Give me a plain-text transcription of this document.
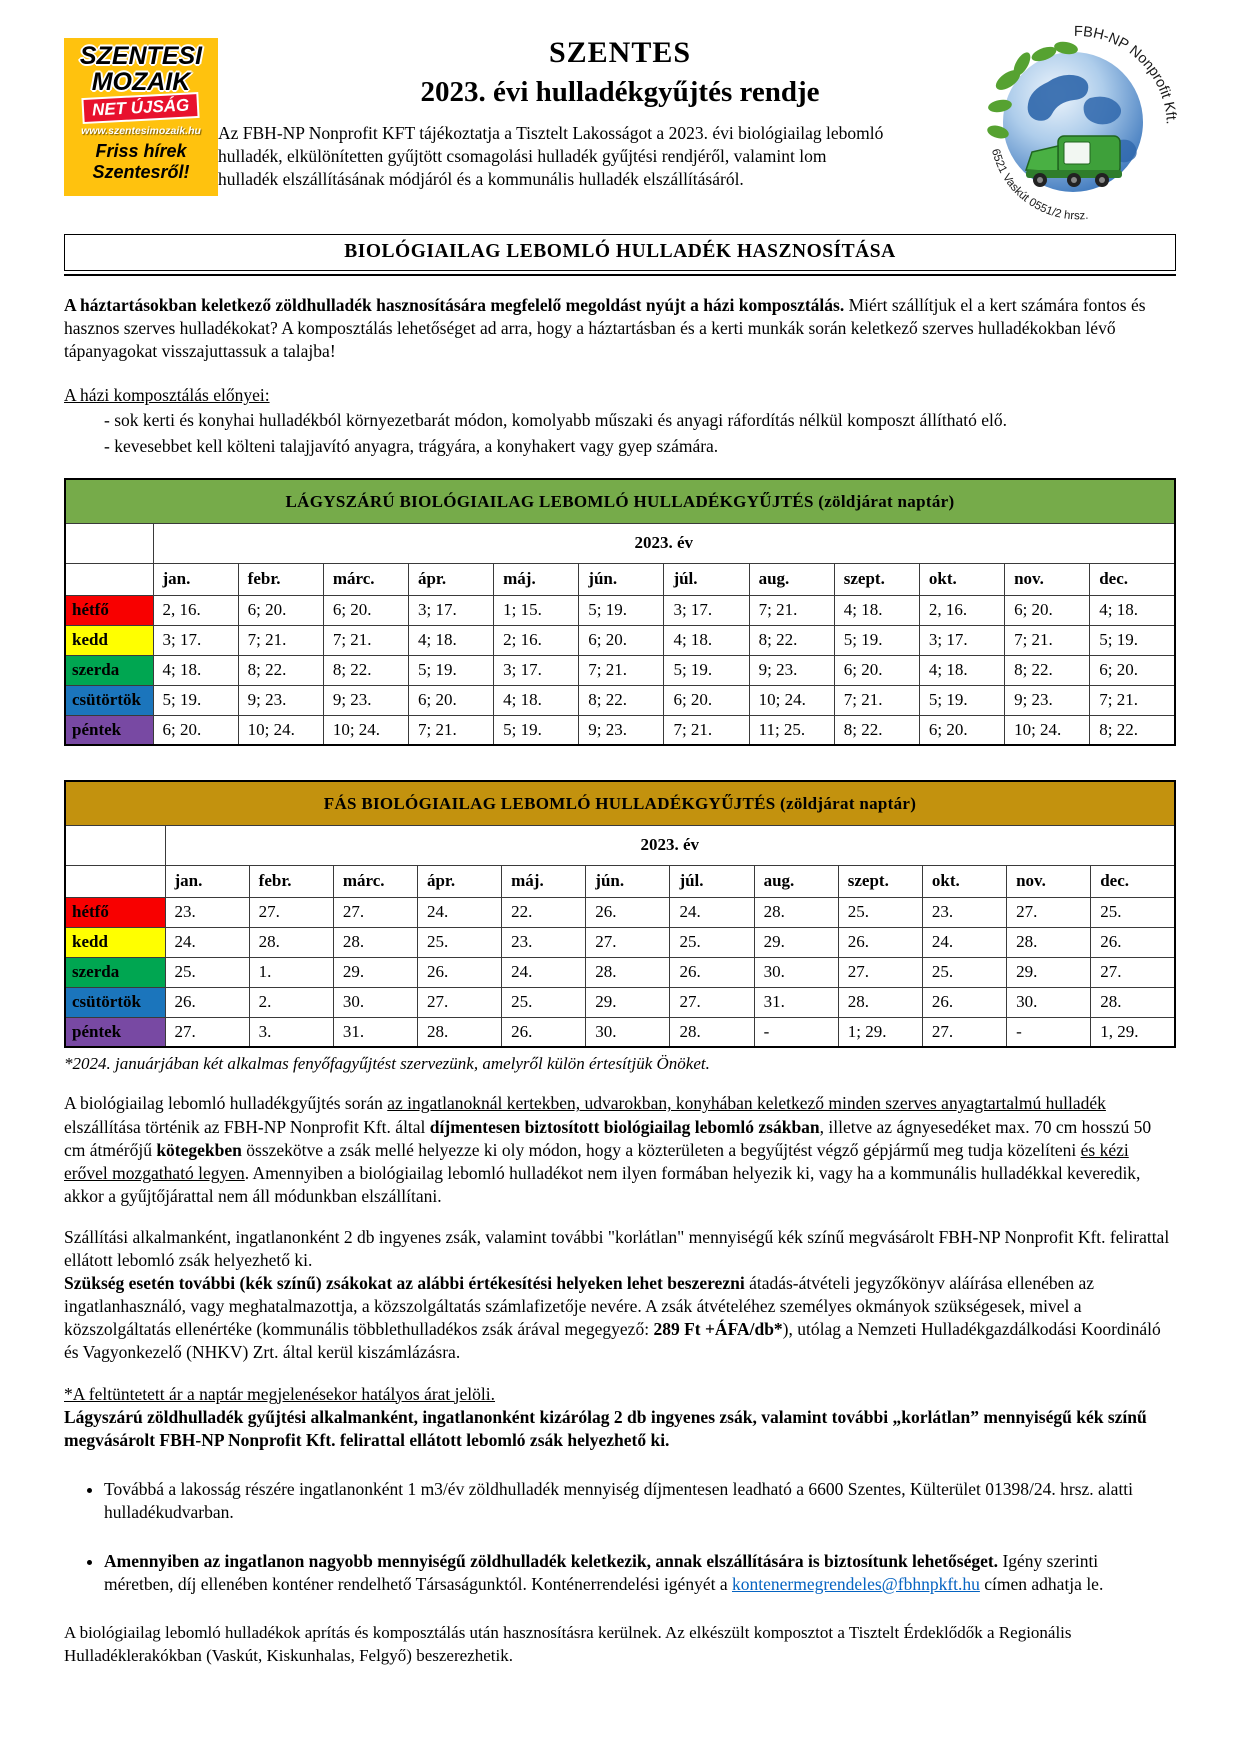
SZENTESI
MOZAIK
NET ÚJSÁG
www.szentesimozaik.hu
Friss hírek
Szentesről!
SZENTES
2023. évi hulladékgyűjtés rendje

Az FBH-NP Nonprofit KFT tájékoztatja a Tisztelt Lakosságot a 2023. évi biológiailag lebomló hulladék, elkülönítetten gyűjtött csomagolási hulladék gyűjtési rendjéről, valamint lom hulladék elszállításának módjáról és a kommunális hulladék elszállításáról.

FBH-NP Nonprofit Kft.
6521 Vaskút 0551/2 hrsz.
BIOLÓGIAILAG LEBOMLÓ HULLADÉK HASZNOSÍTÁSA

A háztartásokban keletkező zöldhulladék hasznosítására megfelelő megoldást nyújt a házi komposztálás. Miért szállítjuk el a kert számára fontos és hasznos szerves hulladékokat? A komposztálás lehetőséget ad arra, hogy a háztartásban és a kerti munkák során keletkező szerves hulladékokban lévő tápanyagokat visszajuttassuk a talajba!

A házi komposztálás előnyei:

- sok kerti és konyhai hulladékból környezetbarát módon, komolyabb műszaki és anyagi ráfordítás nélkül komposzt állítható elő.
- kevesebbet kell költeni talajjavító anyagra, trágyára, a konyhakert vagy gyep számára.
LÁGYSZÁRÚ BIOLÓGIAILAG LEBOMLÓ HULLADÉKGYŰJTÉS (zöldjárat naptár)												
	2023. év											
	jan.	febr.	márc.	ápr.	máj.	jún.	júl.	aug.	szept.	okt.	nov.	dec.
hétfő	2, 16.	6; 20.	6; 20.	3; 17.	1; 15.	5; 19.	3; 17.	7; 21.	4; 18.	2, 16.	6; 20.	4; 18.
kedd	3; 17.	7; 21.	7; 21.	4; 18.	2; 16.	6; 20.	4; 18.	8; 22.	5; 19.	3; 17.	7; 21.	5; 19.
szerda	4; 18.	8; 22.	8; 22.	5; 19.	3; 17.	7; 21.	5; 19.	9; 23.	6; 20.	4; 18.	8; 22.	6; 20.
csütörtök	5; 19.	9; 23.	9; 23.	6; 20.	4; 18.	8; 22.	6; 20.	10; 24.	7; 21.	5; 19.	9; 23.	7; 21.
péntek	6; 20.	10; 24.	10; 24.	7; 21.	5; 19.	9; 23.	7; 21.	11; 25.	8; 22.	6; 20.	10; 24.	8; 22.
FÁS BIOLÓGIAILAG LEBOMLÓ HULLADÉKGYŰJTÉS (zöldjárat naptár)												
	2023. év											
	jan.	febr.	márc.	ápr.	máj.	jún.	júl.	aug.	szept.	okt.	nov.	dec.
hétfő	23.	27.	27.	24.	22.	26.	24.	28.	25.	23.	27.	25.
kedd	24.	28.	28.	25.	23.	27.	25.	29.	26.	24.	28.	26.
szerda	25.	1.	29.	26.	24.	28.	26.	30.	27.	25.	29.	27.
csütörtök	26.	2.	30.	27.	25.	29.	27.	31.	28.	26.	30.	28.
péntek	27.	3.	31.	28.	26.	30.	28.	-	1; 29.	27.	-	1, 29.

*2024. januárjában két alkalmas fenyőfagyűjtést szervezünk, amelyről külön értesítjük Önöket.

A biológiailag lebomló hulladékgyűjtés során az ingatlanoknál kertekben, udvarokban, konyhában keletkező minden szerves anyagtartalmú hulladék elszállítása történik az FBH-NP Nonprofit Kft. által díjmentesen biztosított biológiailag lebomló zsákban, illetve az ágnyesedéket max. 70 cm hosszú 50 cm átmérőjű kötegekben összekötve a zsák mellé helyezze ki oly módon, hogy a közterületen a begyűjtést végző gépjármű meg tudja közelíteni és kézi erővel mozgatható legyen. Amennyiben a biológiailag lebomló hulladékot nem ilyen formában helyezik ki, vagy ha a kommunális hulladékkal keveredik, akkor a gyűjtőjárattal nem áll módunkban elszállítani.

Szállítási alkalmanként, ingatlanonként 2 db ingyenes zsák, valamint további "korlátlan" mennyiségű kék színű megvásárolt FBH-NP Nonprofit Kft. felirattal ellátott lebomló zsák helyezhető ki.
Szükség esetén további (kék színű) zsákokat az alábbi értékesítési helyeken lehet beszerezni átadás-átvételi jegyzőkönyv aláírása ellenében az ingatlanhasználó, vagy meghatalmazottja, a közszolgáltatás számlafizetője nevére. A zsák átvételéhez személyes okmányok szükségesek, mivel a közszolgáltatás ellenértéke (kommunális többlethulladékos zsák árával megegyező: 289 Ft +ÁFA/db*), utólag a Nemzeti Hulladékgazdálkodási Koordináló és Vagyonkezelő (NHKV) Zrt. által kerül kiszámlázásra.

*A feltüntetett ár a naptár megjelenésekor hatályos árat jelöli.
Lágyszárú zöldhulladék gyűjtési alkalmanként, ingatlanonként kizárólag 2 db ingyenes zsák, valamint további „korlátlan” mennyiségű kék színű megvásárolt FBH-NP Nonprofit Kft. felirattal ellátott lebomló zsák helyezhető ki.

• Továbbá a lakosság részére ingatlanonként 1 m3/év zöldhulladék mennyiség díjmentesen leadható a 6600 Szentes, Külterület 01398/24. hrsz. alatti hulladékudvarban.
• Amennyiben az ingatlanon nagyobb mennyiségű zöldhulladék keletkezik, annak elszállítására is biztosítunk lehetőséget. Igény szerinti méretben, díj ellenében konténer rendelhető Társaságunktól. Konténerrendelési igényét a kontenermegrendeles@fbhnpkft.hu címen adhatja le.

A biológiailag lebomló hulladékok aprítás és komposztálás után hasznosításra kerülnek. Az elkészült komposztot a Tisztelt Érdeklődők a Regionális Hulladéklerakókban (Vaskút, Kiskunhalas, Felgyő) beszerezhetik.
